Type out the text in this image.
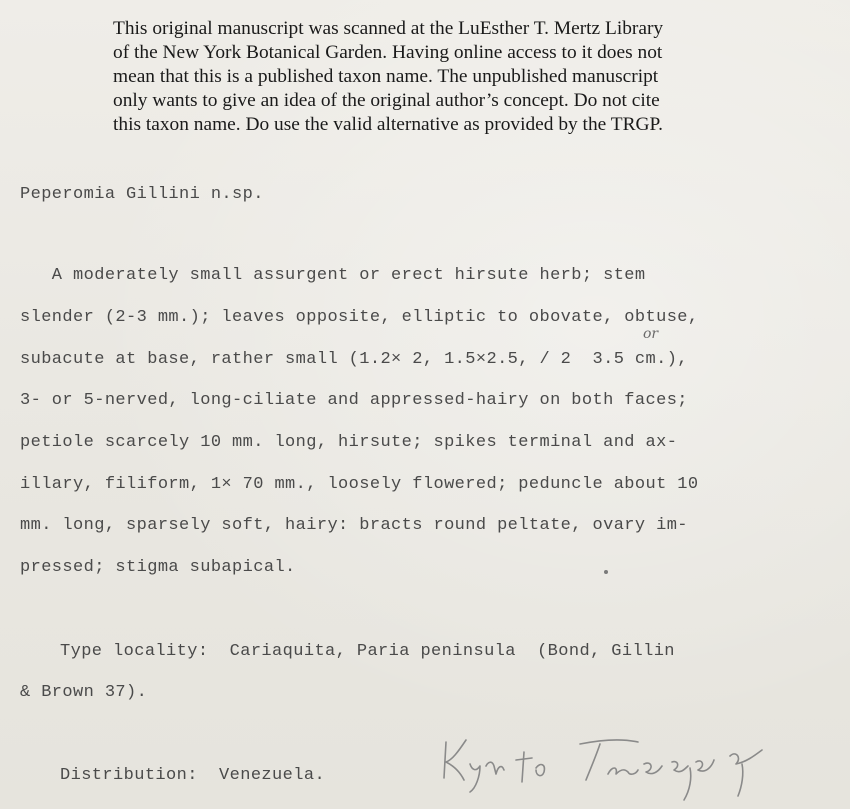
This original manuscript was scanned at the LuEsther T. Mertz Library
of the New York Botanical Garden. Having online access to it does not
mean that this is a published taxon name. The unpublished manuscript
only wants to give an idea of the original author’s concept. Do not cite
this taxon name. Do use the valid alternative as provided by the TRGP.
Peperomia Gillini n.sp.
A moderately small assurgent or erect hirsute herb; stem
slender (2-3 mm.); leaves opposite, elliptic to obovate, obtuse,
subacute at base, rather small (1.2× 2, 1.5×2.5, / 2  3.5 cm.),
3- or 5-nerved, long-ciliate and appressed-hairy on both faces;
petiole scarcely 10 mm. long, hirsute; spikes terminal and ax-
illary, filiform, 1× 70 mm., loosely flowered; peduncle about 10
mm. long, sparsely soft, hairy: bracts round peltate, ovary im-
pressed; stigma subapical.
or
Type locality:  Cariaquita, Paria peninsula  (Bond, Gillin
& Brown 37).
Distribution:  Venezuela.
